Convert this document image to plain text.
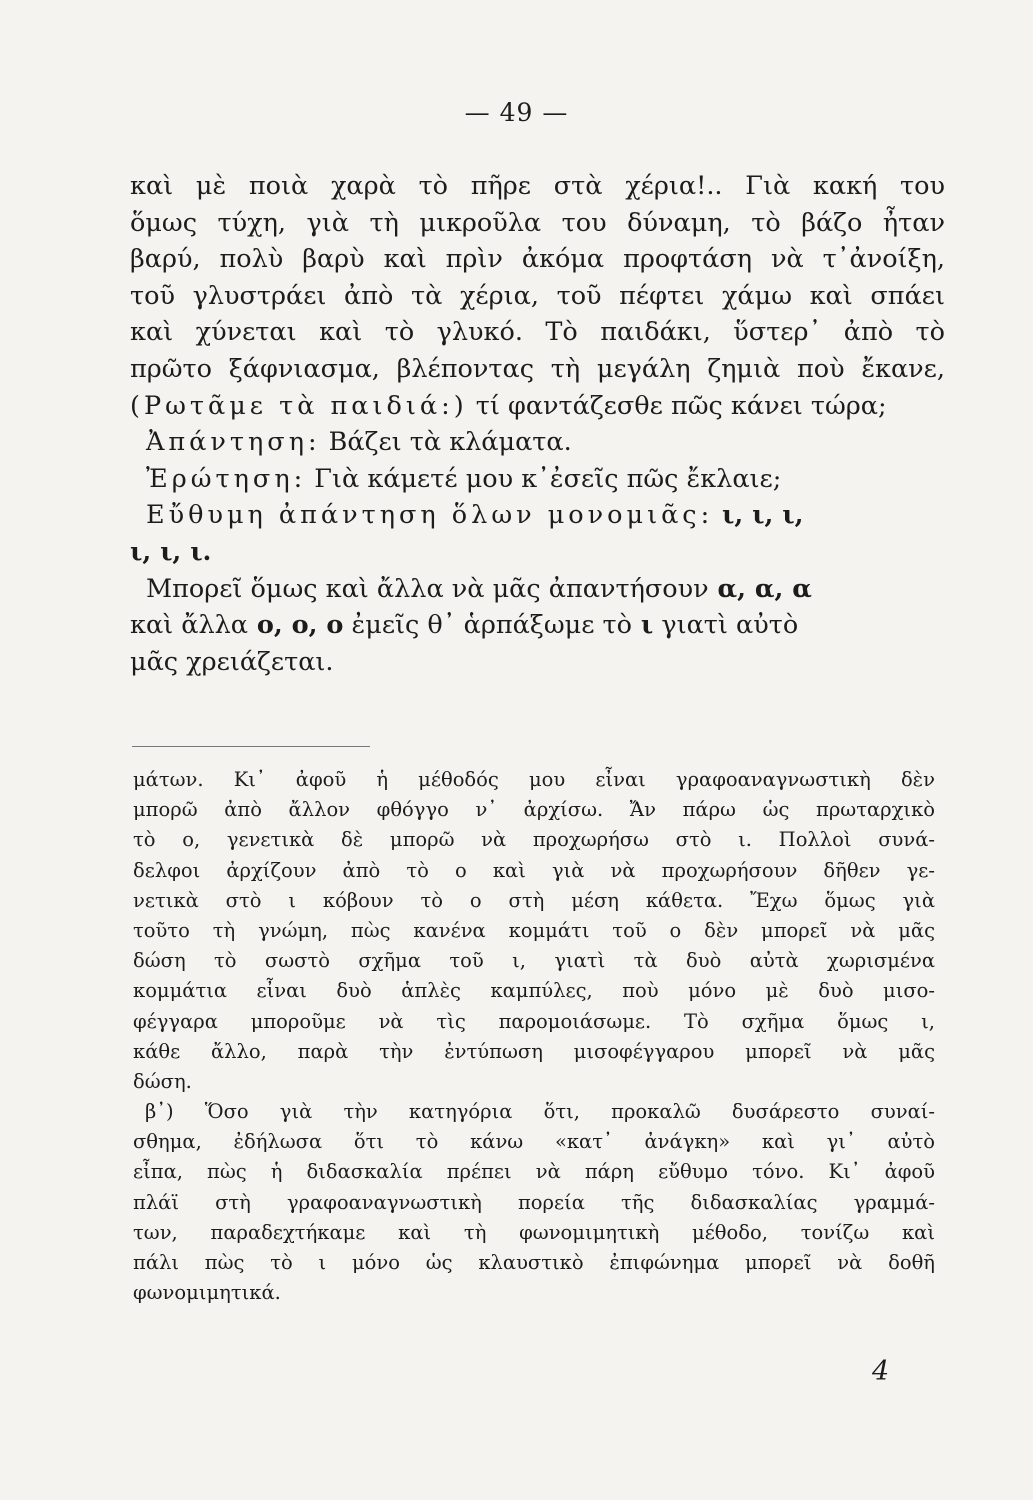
— 49 —
καὶ μὲ ποιὰ χαρὰ τὸ πῆρε στὰ χέρια!.. Γιὰ κακή του
ὅμως τύχη, γιὰ τὴ μικροῦλα του δύναμη, τὸ βάζο ἦταν
βαρύ, πολὺ βαρὺ καὶ πρὶν ἀκόμα προφτάση νὰ τ᾽ἀνοίξη,
τοῦ γλυστράει ἀπὸ τὰ χέρια, τοῦ πέφτει χάμω καὶ σπάει
καὶ χύνεται καὶ τὸ γλυκό. Τὸ παιδάκι, ὕστερ᾽ ἀπὸ τὸ
πρῶτο ξάφνιασμα, βλέποντας τὴ μεγάλη ζημιὰ ποὺ ἔκανε,
(Ρωτᾶμε τὰ παιδιά:) τί φαντάζεσθε πῶς κάνει τώρα;
Ἀπάντηση: Βάζει τὰ κλάματα.
Ἐρώτηση: Γιὰ κάμετέ μου κ᾽ἐσεῖς πῶς ἔκλαιε;
Εὔθυμη ἀπάντηση ὅλων μονομιᾶς: ι, ι, ι,
ι, ι, ι.
Μπορεῖ ὅμως καὶ ἄλλα νὰ μᾶς ἀπαντήσουν α, α, α
καὶ ἄλλα ο, ο, ο ἐμεῖς θ᾽ ἁρπάξωμε τὸ ι γιατὶ αὐτὸ
μᾶς χρειάζεται.
μάτων. Κι᾽ ἀφοῦ ἡ μέθοδός μου εἶναι γραφοαναγνωστικὴ δὲν
μπορῶ ἀπὸ ἄλλον φθόγγο ν᾽ ἀρχίσω. Ἄν πάρω ὡς πρωταρχικὸ
τὸ ο, γενετικὰ δὲ μπορῶ νὰ προχωρήσω στὸ ι. Πολλοὶ συνά-
δελφοι ἀρχίζουν ἀπὸ τὸ ο καὶ γιὰ νὰ προχωρήσουν δῆθεν γε-
νετικὰ στὸ ι κόβουν τὸ ο στὴ μέση κάθετα. Ἔχω ὅμως γιὰ
τοῦτο τὴ γνώμη, πὼς κανένα κομμάτι τοῦ ο δὲν μπορεῖ νὰ μᾶς
δώση τὸ σωστὸ σχῆμα τοῦ ι, γιατὶ τὰ δυὸ αὐτὰ χωρισμένα
κομμάτια εἶναι δυὸ ἁπλὲς καμπύλες, ποὺ μόνο μὲ δυὸ μισο-
φέγγαρα μποροῦμε νὰ τὶς παρομοιάσωμε. Τὸ σχῆμα ὅμως ι,
κάθε ἄλλο, παρὰ τὴν ἐντύπωση μισοφέγγαρου μπορεῖ νὰ μᾶς
δώση.
β᾽) Ὅσο γιὰ τὴν κατηγόρια ὅτι, προκαλῶ δυσάρεστο συναί-
σθημα, ἐδήλωσα ὅτι τὸ κάνω «κατ᾽ ἀνάγκη» καὶ γι᾽ αὐτὸ
εἶπα, πὼς ἡ διδασκαλία πρέπει νὰ πάρη εὔθυμο τόνο. Κι᾽ ἀφοῦ
πλάϊ στὴ γραφοαναγνωστικὴ πορεία τῆς διδασκαλίας γραμμά-
των, παραδεχτήκαμε καὶ τὴ φωνομιμητικὴ μέθοδο, τονίζω καὶ
πάλι πὼς τὸ ι μόνο ὡς κλαυστικὸ ἐπιφώνημα μπορεῖ νὰ δοθῆ
φωνομιμητικά.
4
